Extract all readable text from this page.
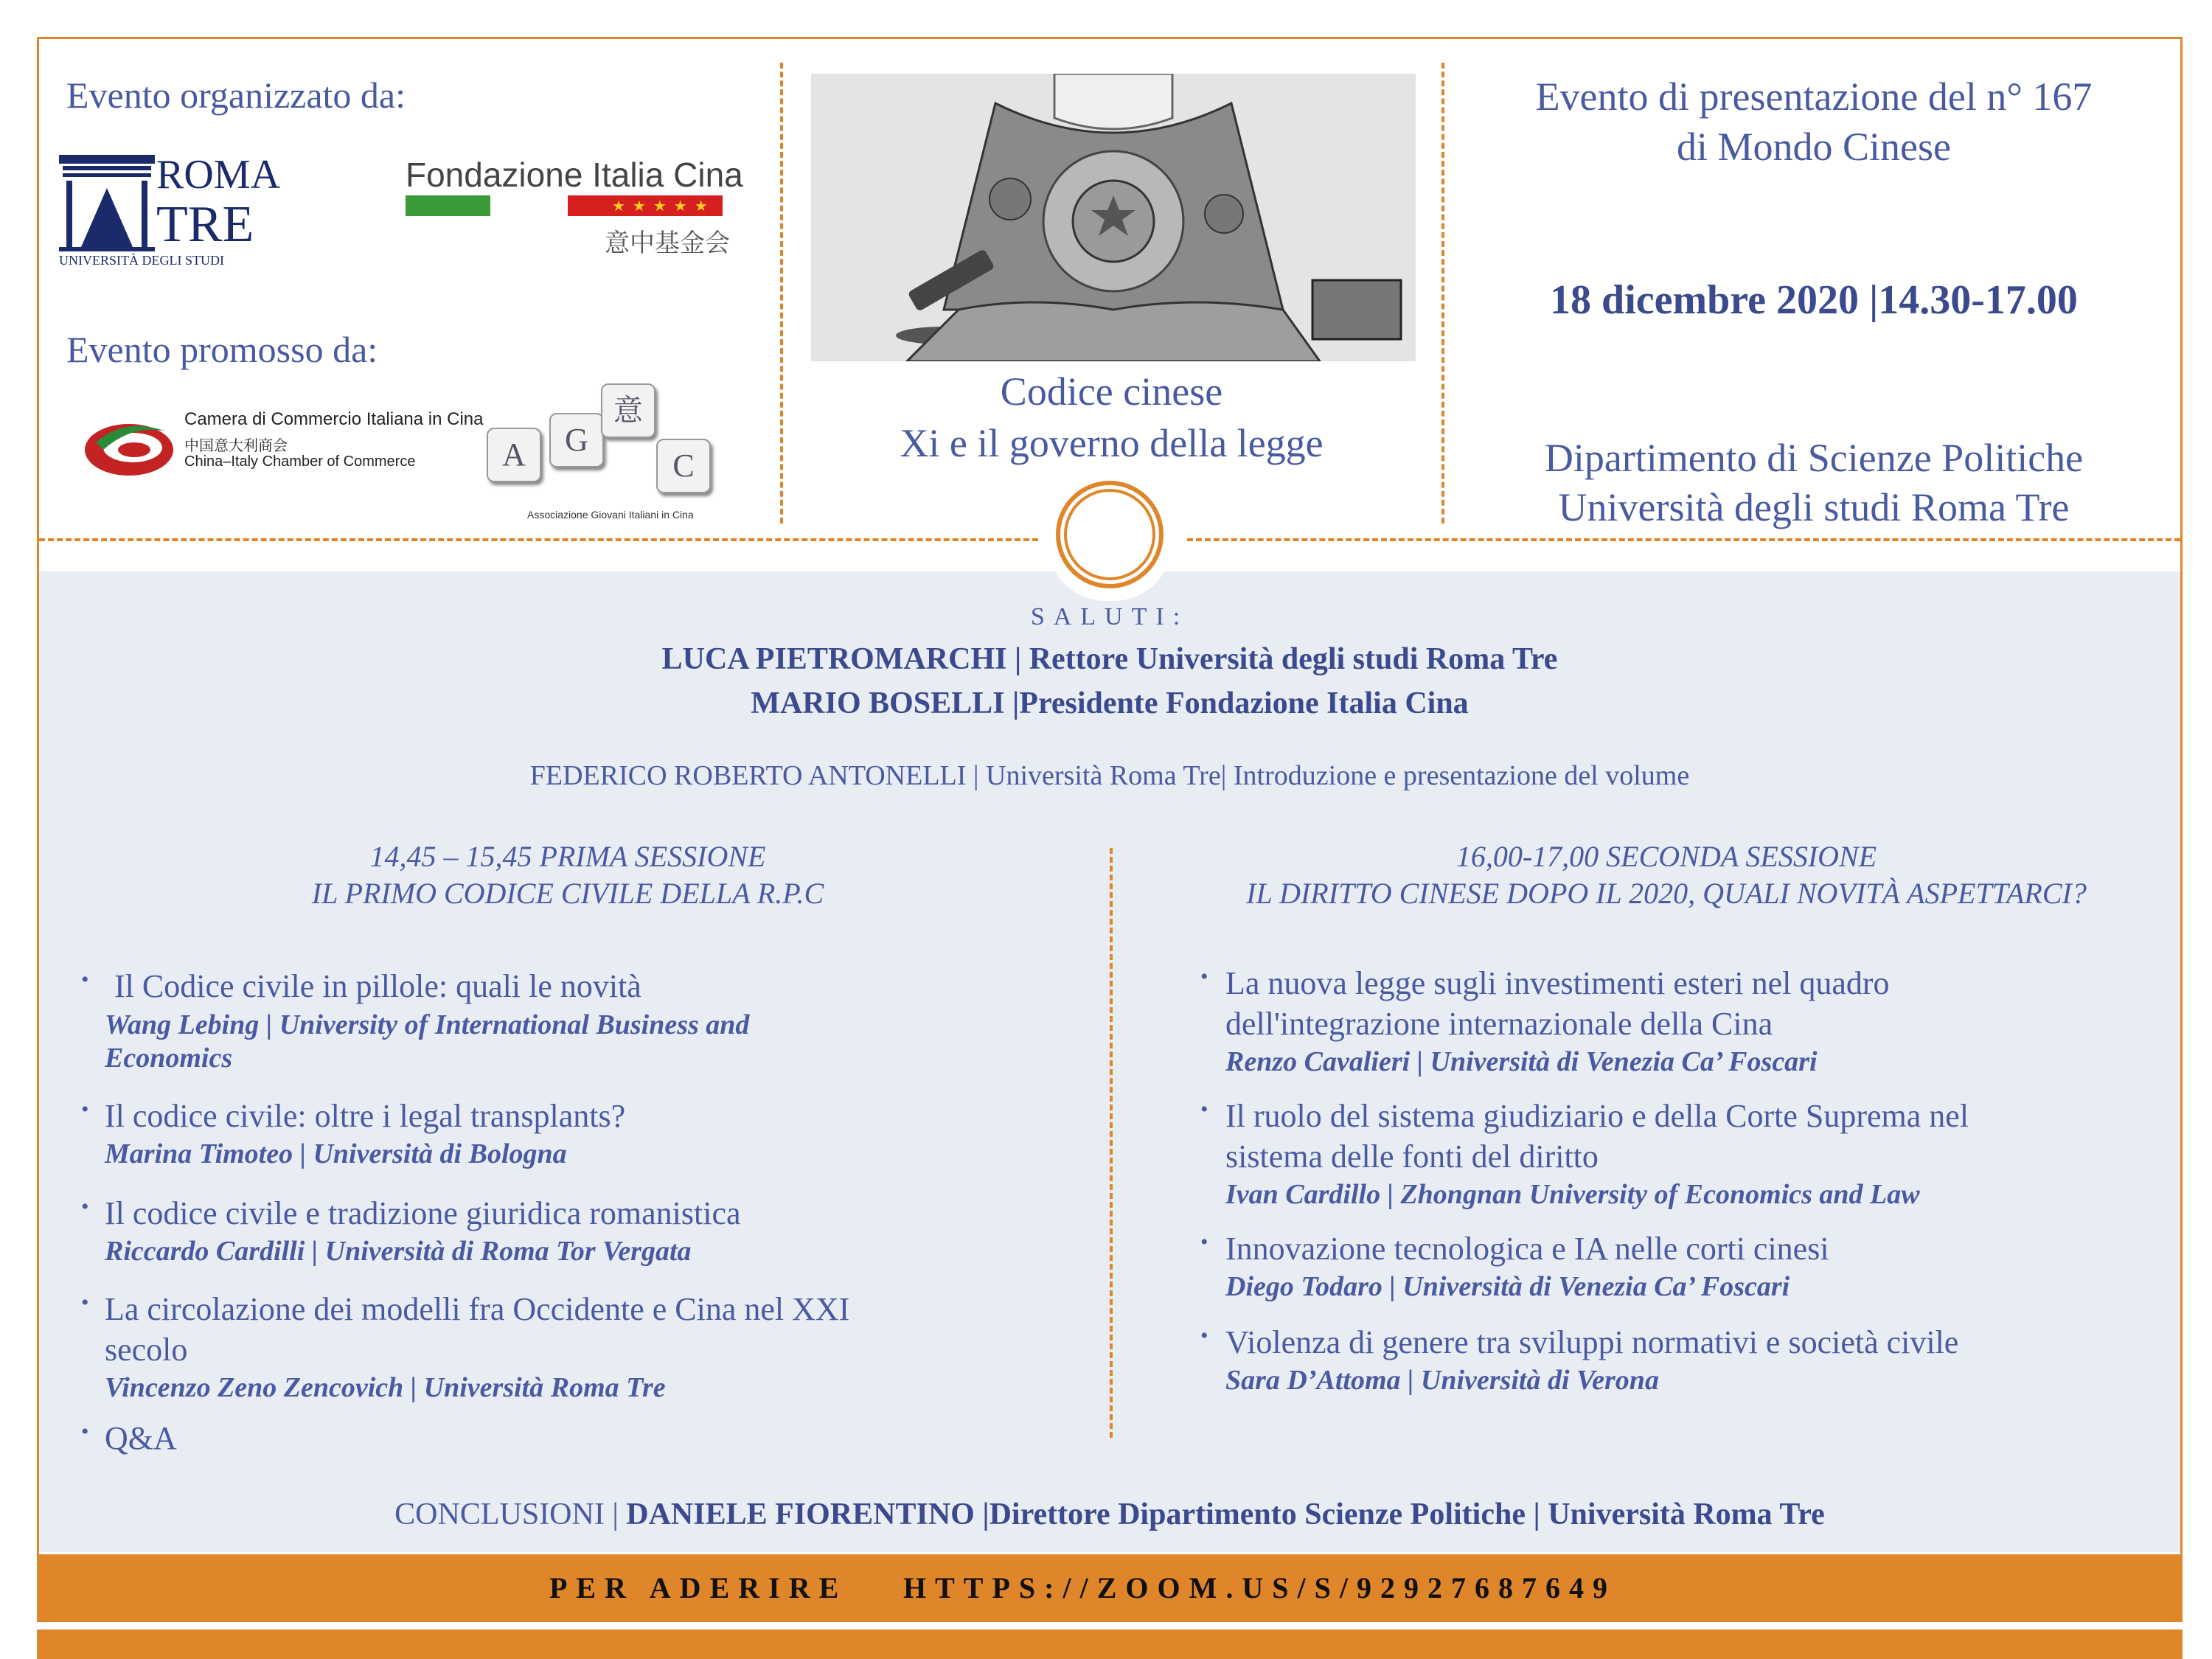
Evento organizzato da:
ROMA
TRE
UNIVERSITÀ DEGLI STUDI
Fondazione Italia Cina
★★★★★
意中基金会
Evento promosso da:
Camera di Commercio Italiana in Cina
中国意大利商会
China–Italy Chamber of Commerce	A	G
意
C
Associazione Giovani Italiani in Cina
Codice cinese
Xi e il governo della legge
Evento di presentazione del n° 167
di Mondo Cinese
18 dicembre 2020 |14.30-17.00
Dipartimento di Scienze Politiche
Università degli studi Roma Tre
SALUTI:
LUCA PIETROMARCHI | Rettore Università degli studi Roma Tre
MARIO BOSELLI |Presidente Fondazione Italia Cina
FEDERICO ROBERTO ANTONELLI | Università Roma Tre| Introduzione e presentazione del volume
14,45 – 15,45 PRIMA SESSIONE
IL PRIMO CODICE CIVILE DELLA R.P.C
16,00-17,00 SECONDA SESSIONE
IL DIRITTO CINESE DOPO IL 2020, QUALI NOVITÀ ASPETTARCI?
• Il Codice civile in pillole: quali le novità
Wang Lebing | University of International Business and
Economics
• Il codice civile: oltre i legal transplants?
Marina Timoteo | Università di Bologna
• Il codice civile e tradizione giuridica romanistica
Riccardo Cardilli | Università di Roma Tor Vergata
• La circolazione dei modelli fra Occidente e Cina nel XXI
secolo
Vincenzo Zeno Zencovich | Università Roma Tre
• Q&A
• La nuova legge sugli investimenti esteri nel quadro
dell'integrazione internazionale della Cina
Renzo Cavalieri | Università di Venezia Ca’ Foscari
• Il ruolo del sistema giudiziario e della Corte Suprema nel
sistema delle fonti del diritto
Ivan Cardillo | Zhongnan University of Economics and Law
• Innovazione tecnologica e IA nelle corti cinesi
Diego Todaro | Università di Venezia Ca’ Foscari
• Violenza di genere tra sviluppi normativi e società civile
Sara D’Attoma | Università di Verona
CONCLUSIONI | DANIELE FIORENTINO |Direttore Dipartimento Scienze Politiche | Università Roma Tre
PER ADERIRE HTTPS://ZOOM.US/S/92927687649
